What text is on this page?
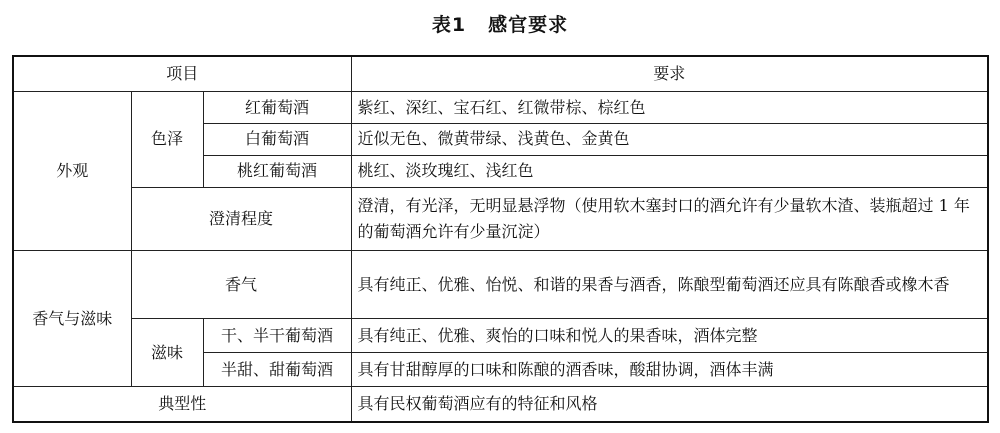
表1 感官要求
项目			要求
外观	色泽	红葡萄酒	紫红、深红、宝石红、红微带棕、棕红色
		白葡萄酒	近似无色、微黄带绿、浅黄色、金黄色
		桃红葡萄酒	桃红、淡玫瑰红、浅红色
	澄清程度		澄清，有光泽，无明显悬浮物（使用软木塞封口的酒允许有少量软木渣、装瓶超过 1 年的葡萄酒允许有少量沉淀）
香气与滋味	香气		具有纯正、优雅、怡悦、和谐的果香与酒香，陈酿型葡萄酒还应具有陈酿香或橡木香
	滋味	干、半干葡萄酒	具有纯正、优雅、爽怡的口味和悦人的果香味，酒体完整
		半甜、甜葡萄酒	具有甘甜醇厚的口味和陈酿的酒香味，酸甜协调，酒体丰满
典型性			具有民权葡萄酒应有的特征和风格
